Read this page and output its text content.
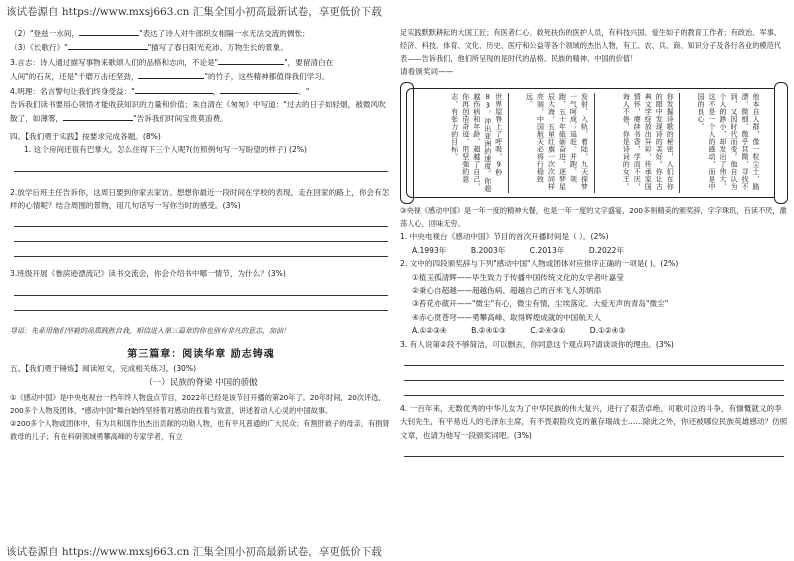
该试卷源自 https://www.mxsj663.cn 汇集全国小初高最新试卷，享更低价下载

（2）"登兹一水间，	"表达了诗人对牛郎织女相隔一水无法交流的惆怅；

（3）《长歌行》"	"描写了春日阳光充沛、万物生长的景象。

3.言志：诗人通过描写事物来歌颂人们的品格和志向，不论是"	"，要留清白在

人间"的石灰，还是"千磨万击还坚劲，	"的竹子，这些精神都值得我们学习。

4.明理：名言警句让我们终身受益："	，	。"

告诉我们读书要用心领悟才能收获知识的力量和价值；朱自清在《匆匆》中写道："过去的日子如轻烟，被微风吹散了，如薄雾，	"告诉我们时间宝贵莫浪费。

四、【我们勇于实践】按要求完成各题。(8%)

1. 这个房间还很有巴掌大，怎么住得下三个人呢?(仿照例句写一写盼望的样子) (2%)

2.放学后班主任告诉你，这周日要到你家去家访。想想你最近一段时间在学校的表现，走在回家的路上，你会有怎样的心情呢？结合周围的景物，用几句话写一写你当时的感受。(3%)

3.班级开展《鲁滨逊漂流记》读书交流会，你会介绍书中哪一情节，为什么？(3%)

导语：先辈用他们坚毅的品质践胜自我，相信进入第三篇章的你也别有非凡的意志，加油！

第三篇章：阅读华章 励志铸魂

五、【我们勇于锤炼】阅读短文，完成相关练习。(30%)

（一）民族的脊梁 中国的骄傲

①《感动中国》是中央电视台一档年终人物盘点节目，2022年已经是该节目开播的第20年了。20年时间，20次评选，200多个人物及团体，"感动中国"舞台始终坚持着对感动的找着与致意，讲述着动人心灵的中国故事。

②200多个人物或团体中，有为共和国作出杰出贡献的功勋人物，也有平凡普通的广大民众；有割肝救子的母亲，有捐肾救母的儿子；有在科研领域勇攀高峰的专家学者，有立

足实践默默耕耘的大国工匠；有医者仁心、救死扶伤的医护人员，有科技兴国、爱生如子的教育工作者；有政治、军事、经济、科技、体育、文化、历史、医疗和公益等各个领域的杰出人物，有工、农、兵、商、知识分子及各行各业的模范代表——告诉我们，他们所呈现的是时代的品格、民族的精神、中国的价值！

请看颁奖词——

世界屋脊上了呼吸，9秒83，冲出亚洲的速度。你超越伤病和年龄，超越了自己，你再创造奇迹，用坚强的意志，有张力的目标。	发射、入轨、着陆，九天探梦一气呵成；追赶、并跑、领跑，五十年砥砺奋进，逐梦星辰大海，五星红旗一次次同样亮丽，中国航天必将行稳致远。	你发掘诗歌的秘密，人们在你的眼中发现诗的美好。你让古典文学绽放出异彩，传承家国情怀，赓续书香，学而不厌，诲人不倦，你是诗词的女王。	他本自人群，像一粒尘土，路漂、微细、微乎其微，寻找不到，又因时代而变。他自认为个人的渺小，却发出了伟大，这不是一个人的感动，而是中国的良心。

③央视《感动中国》是一年一度的精神大餐，也是一年一度的文字盛宴，200多则精美的颁奖辞，字字珠玑，百读不厌，激荡人心，回味无穷。

1. 中央电视台《感动中国》节目的首次开播时间是（ ）。(2%)

A.1993年	B.2003年	C.2013年	D.2022年

2. 文中的四段颁奖辞与下列"感动中国"人物或团体对应排序正确的一项是( )。(2%)

①植玉孤清辉——毕生致力于传播中国传统文化的女学者叶嘉莹

②秉心自超越——超越伤病、超越自己的百米飞人苏炳添

③苔花亦葳开——"微尘"有心，微尘有情，尘埃落定、大爱无声的青岛"微尘"

④赤心贯苍穹——勇攀高峰、取得辉煌成就的中国航天人

A.①②③④	B.②④①③	C.②④③①	D.①②④③

3. 有人说第②段不够简洁，可以删去，你同意这个观点吗?请谈谈你的理由。(3%)

4. 一百年来，无数优秀的中华儿女为了中华民族的伟大复兴，进行了艰苦卓绝、可歌可泣的斗争，有慷慨就义的李大钊先生，有平易近人的毛泽东主席，有不畏艰险攻克的董存瑞战士……除此之外，你还被哪位民族英雄感动？仿照文章，也请为他写一段颁奖词吧。(3%)

该试卷源自 https://www.mxsj663.cn 汇集全国小初高最新试卷，享更低价下载
